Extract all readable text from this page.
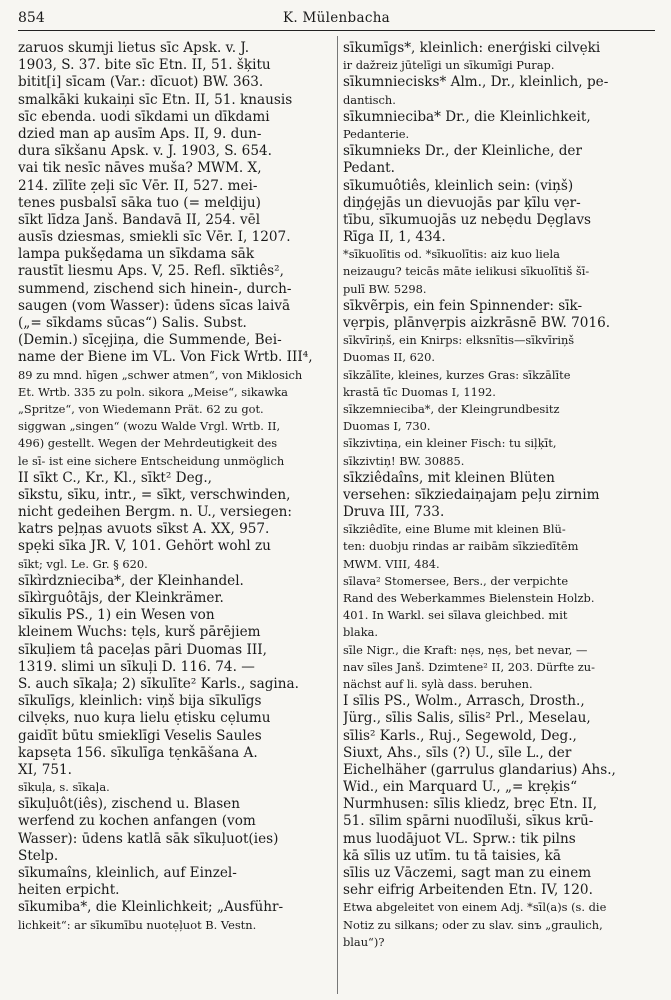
854	K. Mülenbacha
zaruos skumji lietus sīc Apsk. v. J.
1903, S. 37. bite sīc Etn. II, 51. šķitu
bitit[i] sīcam (Var.: dīcuot) BW. 363.
smalkāki kukaiņi sīc Etn. II, 51. knausis
sīc ebenda. uodi sīkdami un dīkdami
dzied man ap ausīm Aps. II, 9. dun-
dura sīkšanu Apsk. v. J. 1903, S. 654.
vai tik nesīc nāves muša? MWM. X,
214. zīlīte ẓeļi sīc Vēr. II, 527. mei-
tenes pusbalsī sāka tuo (= melḍiju)
sīkt līdza Janš. Bandavā II, 254. vēl
ausīs dziesmas, smiekli sīc Vēr. I, 1207.
lampa pukšẹdama un sīkdama sāk
raustīt liesmu Aps. V, 25. Refl. sīktiês²,
summend, zischend sich hinein-, durch-
saugen (vom Wasser): ūdens sīcas laivā
(„= sīkdams sūcas“) Salis. Subst.
(Demin.) sīcẹjiņa, die Summende, Bei-
name der Biene im VL. Von Fick Wrtb. III⁴,
89 zu mnd. hīgen „schwer atmen“, von Miklosich
Et. Wrtb. 335 zu poln. sikora „Meise“, sikawka
„Spritze“, von Wiedemann Prät. 62 zu got.
siggwan „singen“ (wozu Walde Vrgl. Wrtb. II,
496) gestellt. Wegen der Mehrdeutigkeit des
le sī- ist eine sichere Entscheidung unmöglich
II sīkt C., Kr., Kl., sīkt² Deg.,
sīkstu, sīku, intr., = sīkt, verschwinden,
nicht gedeihen Bergm. n. U., versiegen:
katrs peļņas avuots sīkst A. XX, 957.
spẹki sīka JR. V, 101. Gehört wohl zu
sīkt; vgl. Le. Gr. § 620.
sīkìrdznieciba*, der Kleinhandel.
sīkìrguôtājs, der Kleinkrämer.
sīkulis PS., 1) ein Wesen von
kleinem Wuchs: tẹls, kurš pārējiem
sīkuļiem tâ paceļas pāri Duomas III,
1319. slimi un sīkuļi D. 116. 74. —
S. auch sīkaļa; 2) sīkulīte² Karls., sagina.
sīkulīgs, kleinlich: viņš bija sīkulīgs
cilvẹks, nuo kuŗa lielu ẹtisku cẹlumu
gaidīt būtu smieklīgi Veselis Saules
kapsẹta 156. sīkulīga tẹnkāšana A.
XI, 751.
sīkuļa, s. sīkaļa.
sīkuļuôt(iês), zischend u. Blasen
werfend zu kochen anfangen (vom
Wasser): ūdens katlā sāk sīkuļuot(ies)
Stelp.
sīkumaîns, kleinlich, auf Einzel-
heiten erpicht.
sīkumiba*, die Kleinlichkeit; „Ausführ-
lichkeit“: ar sīkumību nuotẹļuot B. Vestn.
sīkumīgs*, kleinlich: enerģiski cilvẹki
ir dažreiz jūtelīgi un sīkumīgi Purap.
sīkumniecisks* Alm., Dr., kleinlich, pe-
dantisch.
sīkumnieciba* Dr., die Kleinlichkeit,
Pedanterie.
sīkumnieks Dr., der Kleinliche, der
Pedant.
sīkumuôtiês, kleinlich sein: (viņš)
diņģẹjās un dievuojās par ķīlu vẹr-
tību, sīkumuojās uz nebẹdu Dẹglavs
Rīga II, 1, 434.
*sīkuolītis od. *sīkuolītis: aiz kuo liela
neizaugu? teicās māte ielikusi sīkuolītiš šī-
pulī BW. 5298.
sīkvẽrpis, ein fein Spinnender: sīk-
vẹrpis, plānvẹrpis aizkrāsnē BW. 7016.
sīkvīriņš, ein Knirps: elksnītis—sīkvīriņš
Duomas II, 620.
sīkzālīte, kleines, kurzes Gras: sīkzālīte
krastā tīc Duomas I, 1192.
sīkzemnieciba*, der Kleingrundbesitz
Duomas I, 730.
sīkzivtiņa, ein kleiner Fisch: tu siļķīt,
sīkzivtiņ! BW. 30885.
sīkziêdaîns, mit kleinen Blüten
versehen: sīkziedaiņajam peļu zirnim
Druva III, 733.
sīkziêdīte, eine Blume mit kleinen Blü-
ten: duobju rindas ar raibām sīkziedītēm
MWM. VIII, 484.
sīlava² Stomersee, Bers., der verpichte
Rand des Weberkammes Bielenstein Holzb.
401. In Warkl. sei sīlava gleichbed. mit
blaka.
sīle Nigr., die Kraft: nẹs, nẹs, bet nevar, —
nav sīles Janš. Dzimtene² II, 203. Dürfte zu-
nächst auf li. sylà dass. beruhen.
I sīlis PS., Wolm., Arrasch, Drosth.,
Jürg., sīlis Salis, sīlis² Prl., Meselau,
sīlis² Karls., Ruj., Segewold, Deg.,
Siuxt, Ahs., sīls (?) U., sīle L., der
Eichelhäher (garrulus glandarius) Ahs.,
Wid., ein Marquard U., „= krẹķis“
Nurmhusen: sīlis kliedz, brẹc Etn. II,
51. sīlim spārni nuodīluši, sīkus krū-
mus luodājuot VL. Sprw.: tik pilns
kā sīlis uz utīm. tu tā taisies, kā
sīlis uz Vāczemi, sagt man zu einem
sehr eifrig Arbeitenden Etn. IV, 120.
Etwa abgeleitet von einem Adj. *sīl(a)s (s. die
Notiz zu silkans; oder zu slav. sinъ „graulich,
blau“)?
